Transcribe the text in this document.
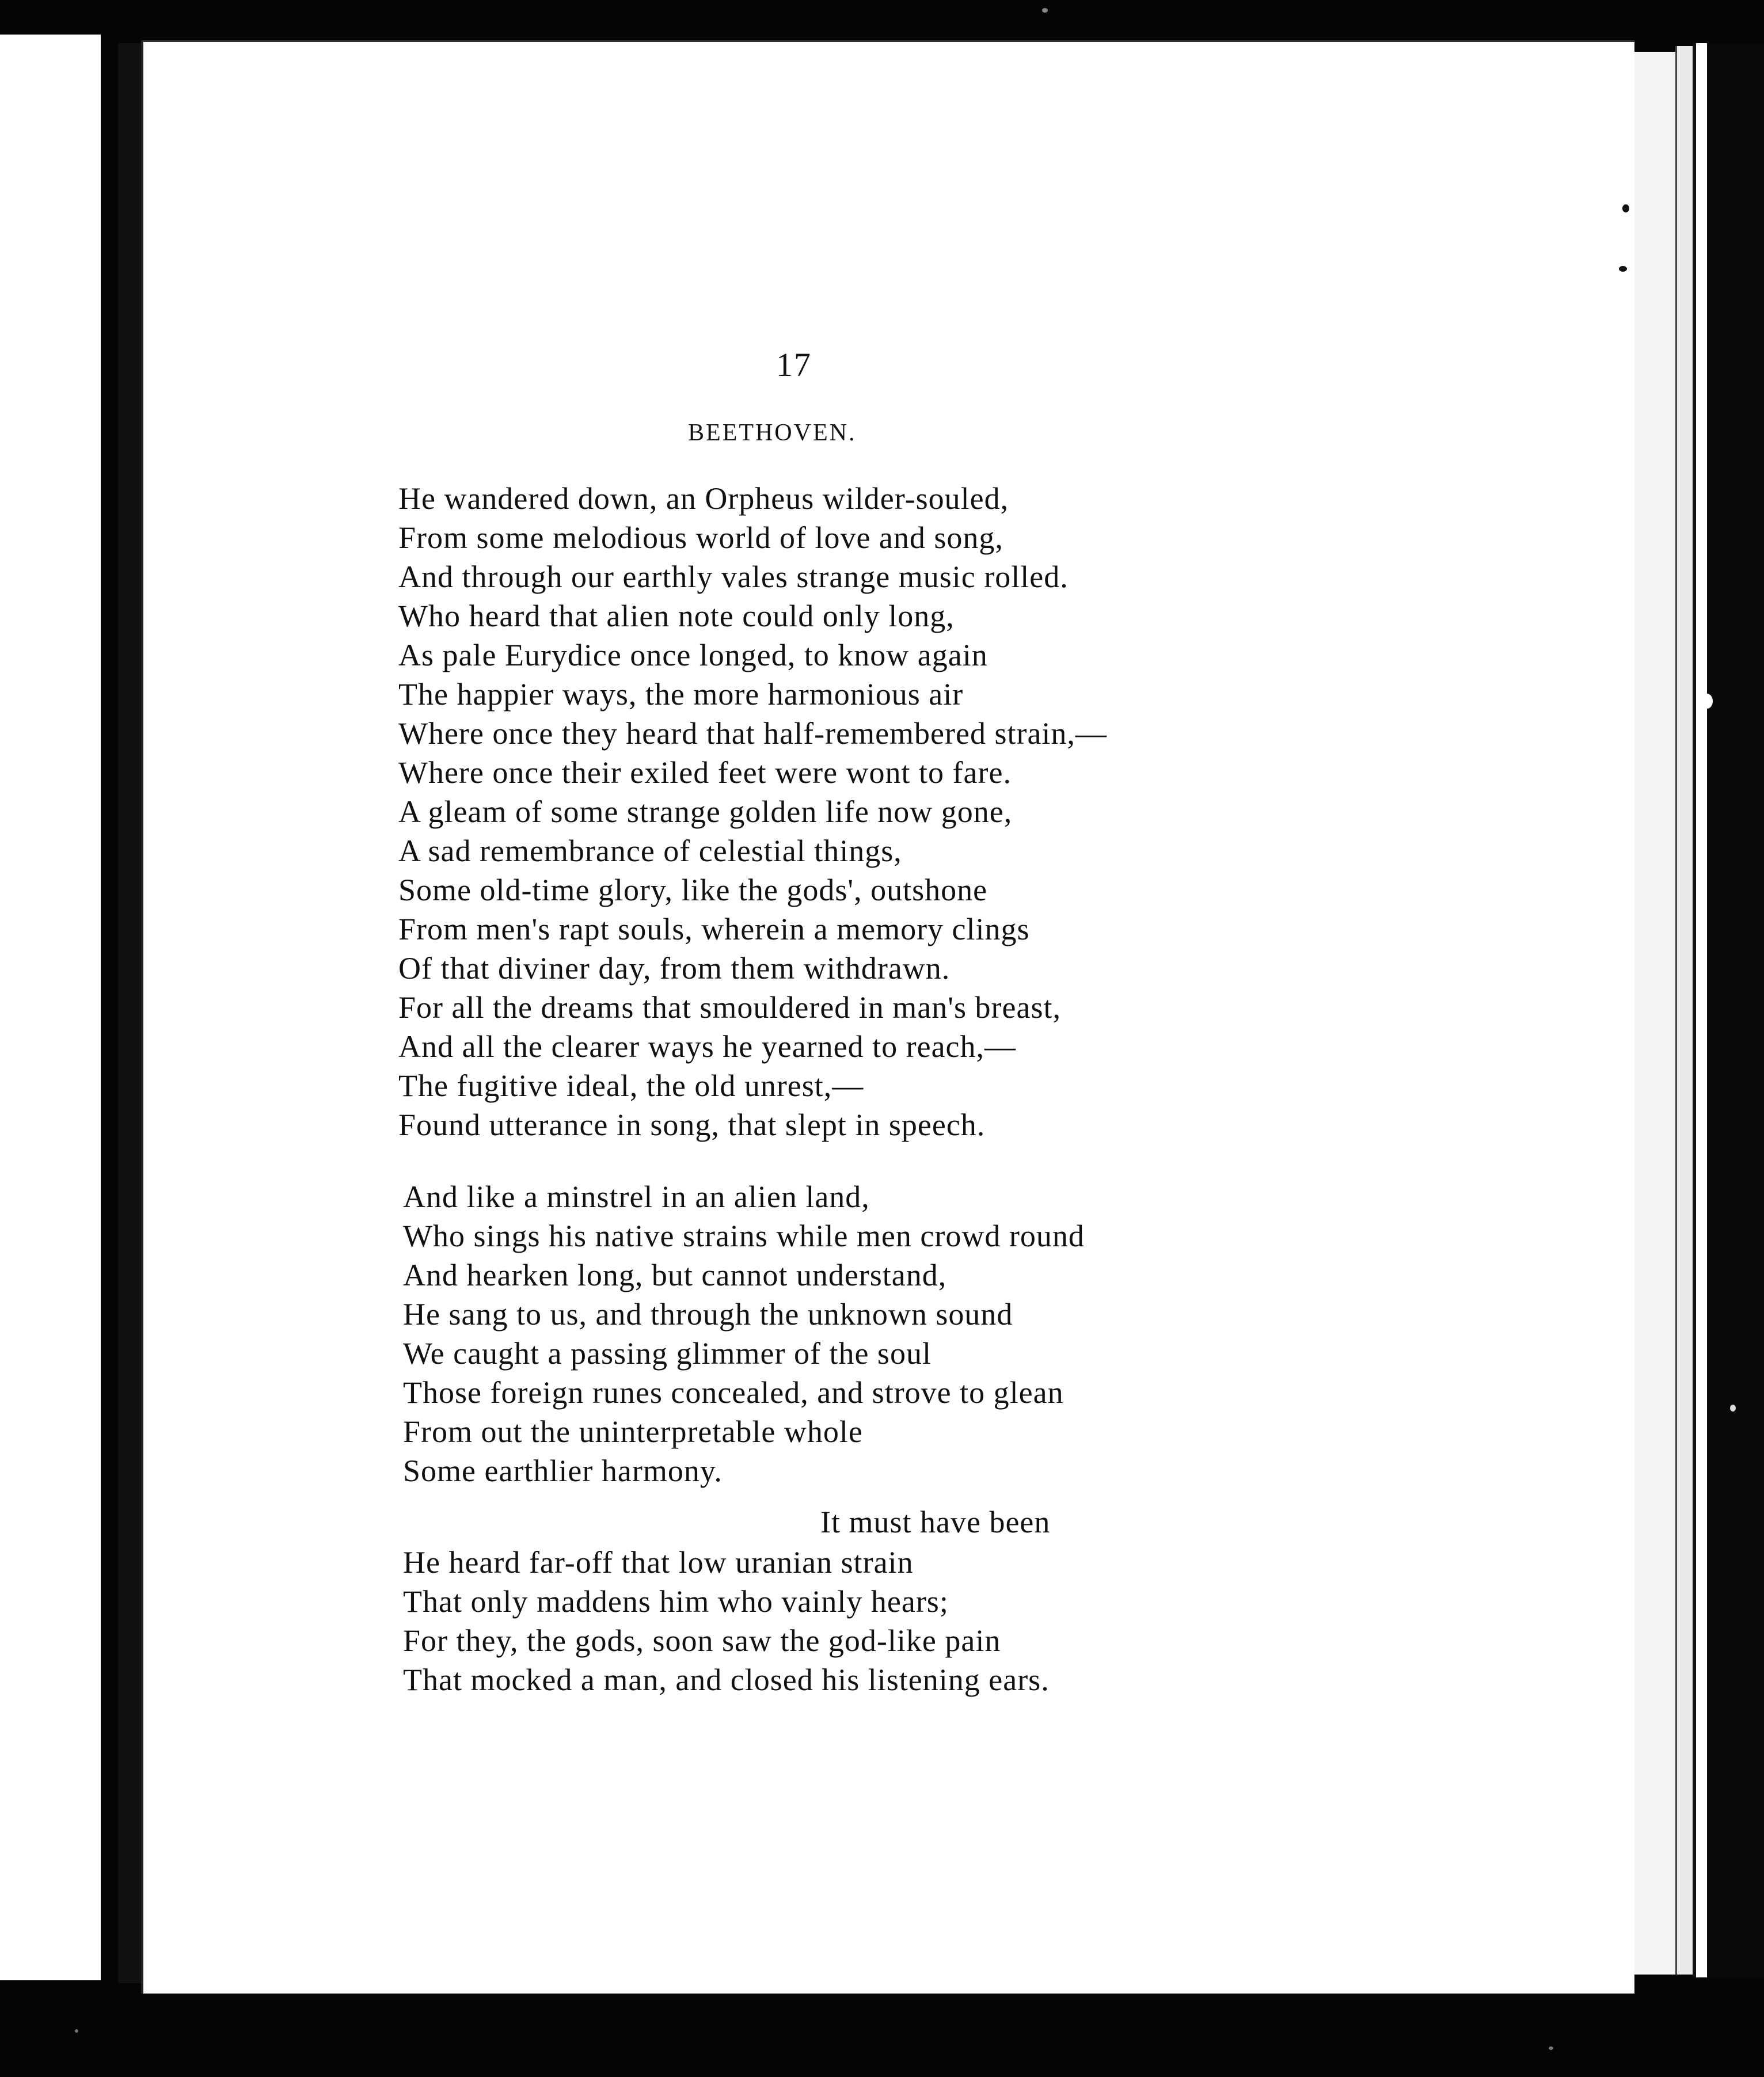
17
BEETHOVEN.
He wandered down, an Orpheus wilder-souled,
From some melodious world of love and song,
And through our earthly vales strange music rolled.
Who heard that alien note could only long,
As pale Eurydice once longed, to know again
The happier ways, the more harmonious air
Where once they heard that half-remembered strain,—
Where once their exiled feet were wont to fare.
A gleam of some strange golden life now gone,
A sad remembrance of celestial things,
Some old-time glory, like the gods', outshone
From men's rapt souls, wherein a memory clings
Of that diviner day, from them withdrawn.
For all the dreams that smouldered in man's breast,
And all the clearer ways he yearned to reach,—
The fugitive ideal, the old unrest,—
Found utterance in song, that slept in speech.
And like a minstrel in an alien land,
Who sings his native strains while men crowd round
And hearken long, but cannot understand,
He sang to us, and through the unknown sound
We caught a passing glimmer of the soul
Those foreign runes concealed, and strove to glean
From out the uninterpretable whole
Some earthlier harmony.
It must have been
He heard far-off that low uranian strain
That only maddens him who vainly hears;
For they, the gods, soon saw the god-like pain
That mocked a man, and closed his listening ears.
